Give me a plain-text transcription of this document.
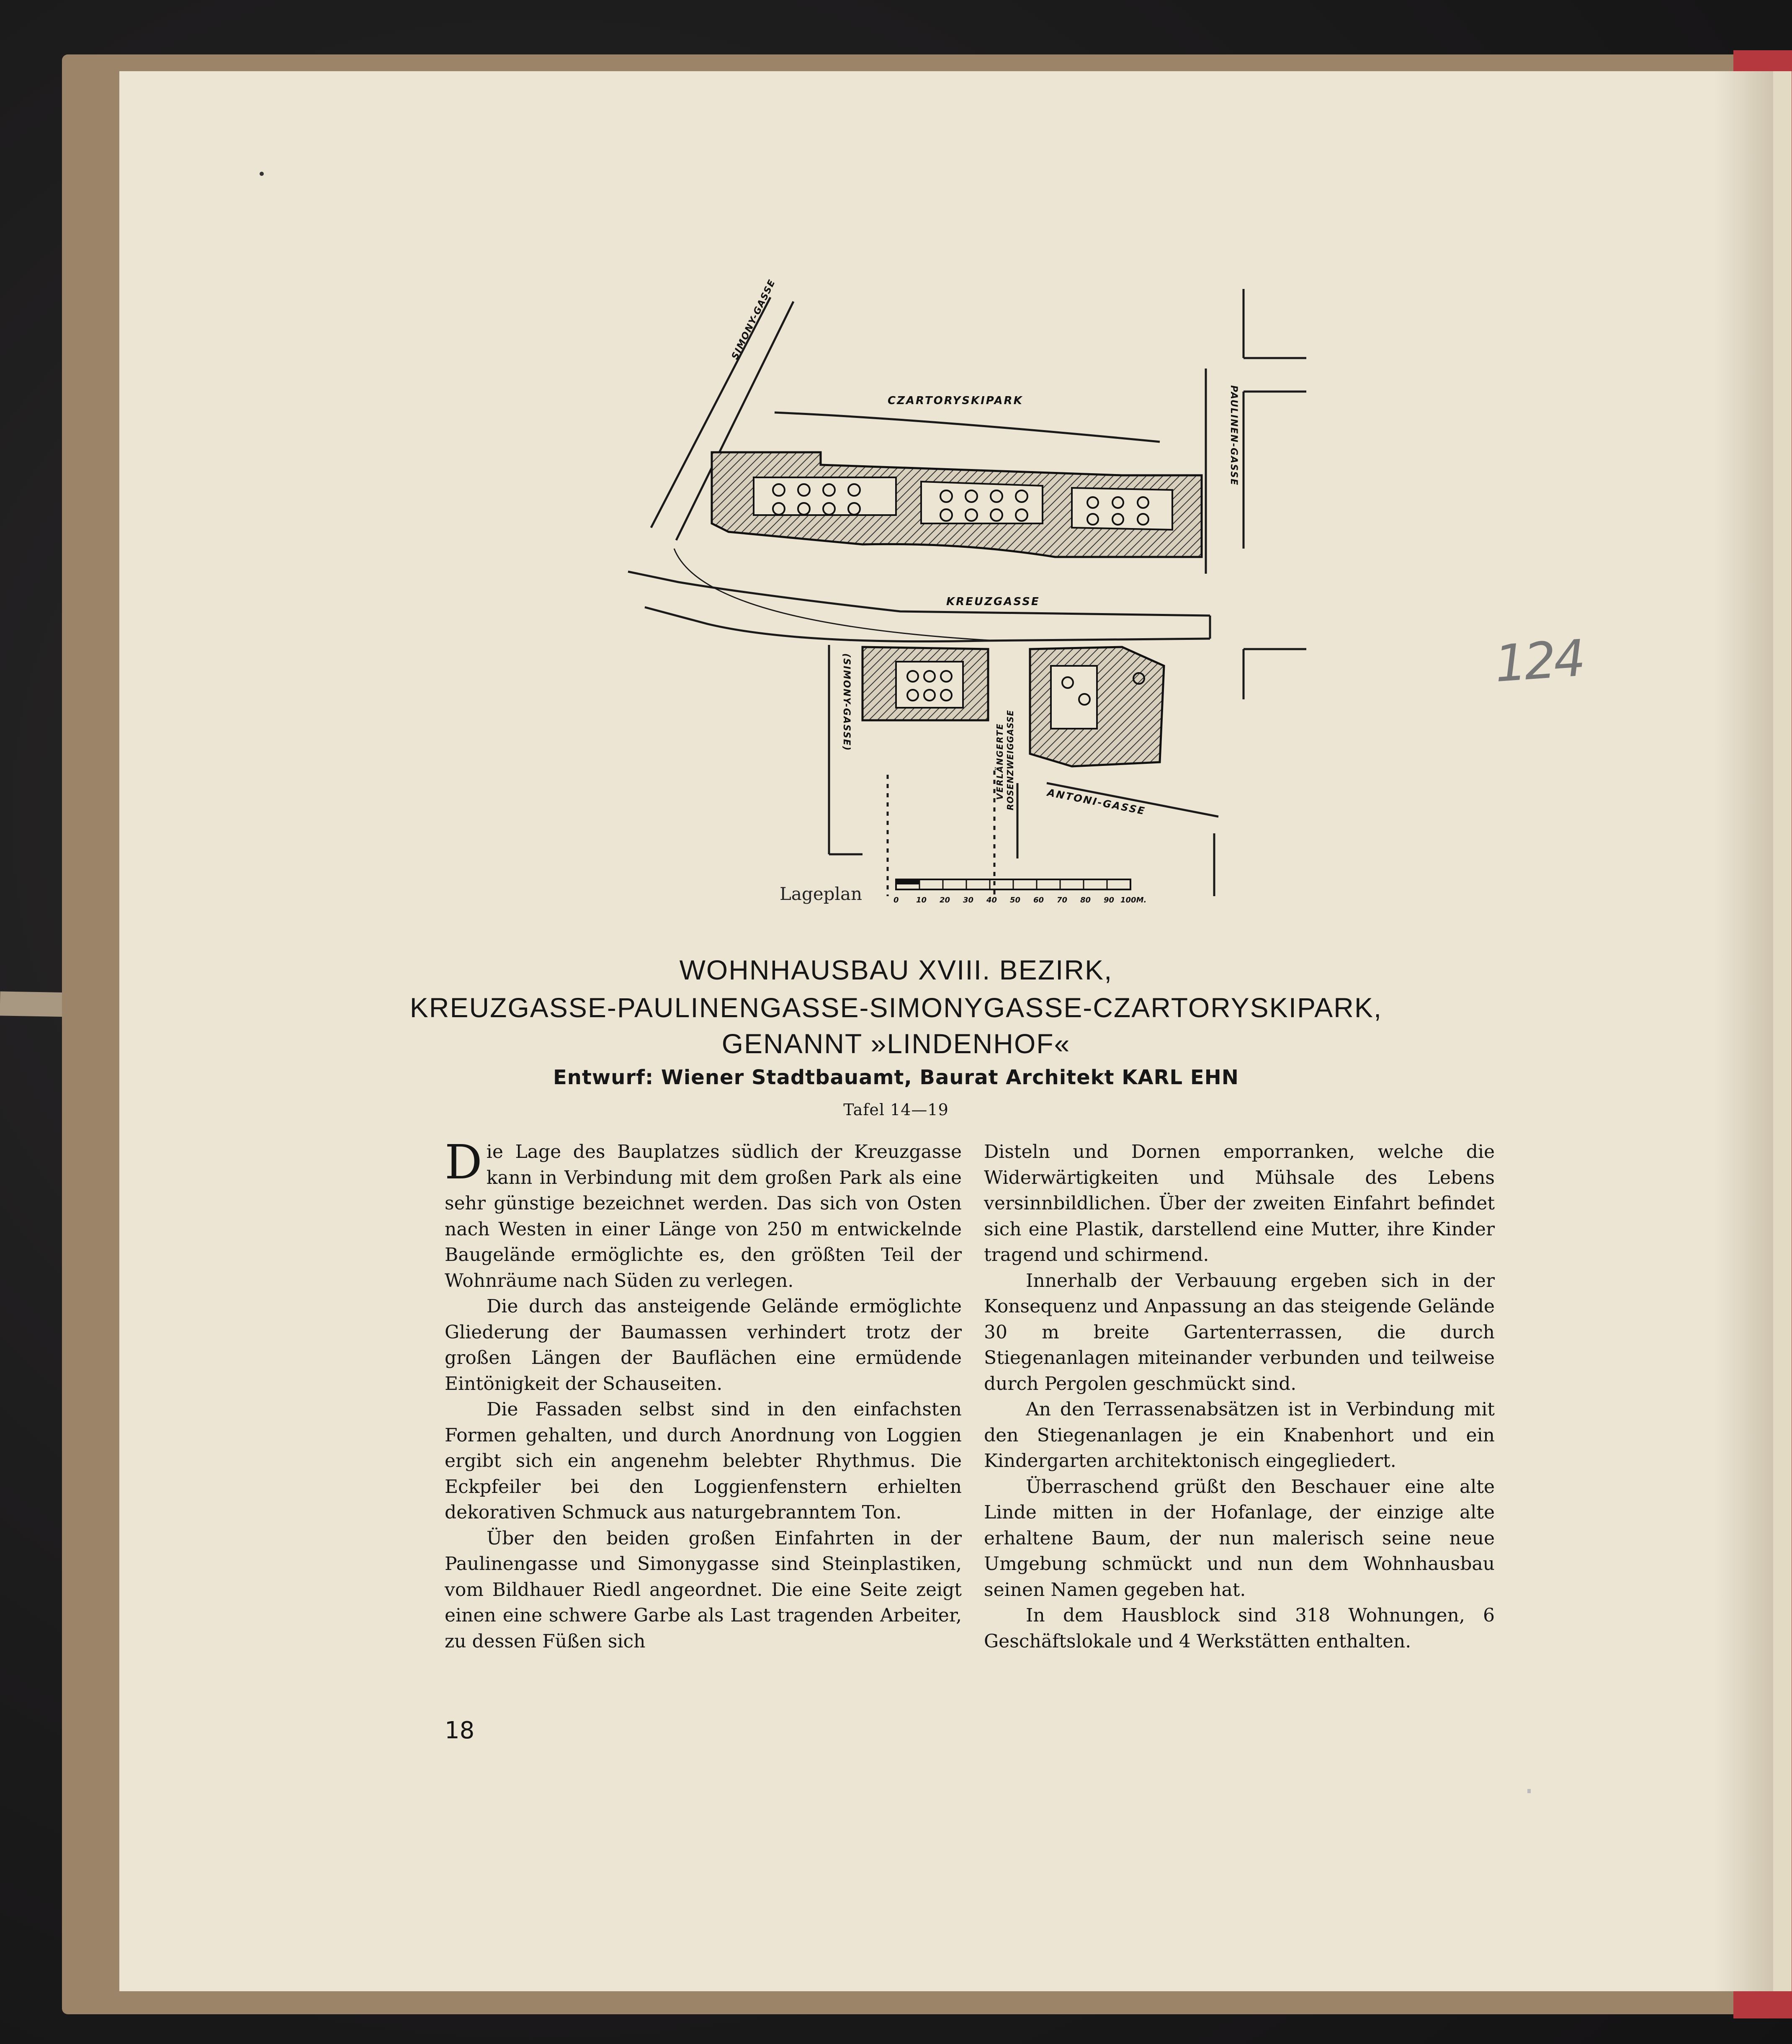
CZARTORYSKIPARK
KREUZGASSE
SIMONY-GASSE
PAULINEN-GASSE
(SIMONY-GASSE)
VERLÄNGERTE ROSENZWEIGGASSE	ANTONI-GASSE
Lageplan	0 10 20 30 40 50 60 70 80 90 100M.
124
WOHNHAUSBAU XVIII. BEZIRK,
KREUZGASSE-PAULINENGASSE-SIMONYGASSE-CZARTORYSKIPARK,
GENANNT »LINDENHOF«
Entwurf: Wiener Stadtbauamt, Baurat Architekt KARL EHN
Tafel 14—19

Die Lage des Bauplatzes südlich der Kreuzgasse kann in Verbindung mit dem großen Park als eine sehr günstige bezeichnet werden. Das sich von Osten nach Westen in einer Länge von 250 m entwickelnde Baugelände ermöglichte es, den größten Teil der Wohnräume nach Süden zu verlegen.

Die durch das ansteigende Gelände ermöglichte Gliederung der Baumassen verhindert trotz der großen Längen der Bauflächen eine ermüdende Eintönigkeit der Schauseiten.

Die Fassaden selbst sind in den einfachsten Formen gehalten, und durch Anordnung von Loggien ergibt sich ein angenehm belebter Rhythmus. Die Eckpfeiler bei den Loggienfenstern erhielten dekorativen Schmuck aus naturgebranntem Ton.

Über den beiden großen Einfahrten in der Paulinengasse und Simonygasse sind Steinplastiken, vom Bildhauer Riedl angeordnet. Die eine Seite zeigt einen eine schwere Garbe als Last tragenden Arbeiter, zu dessen Füßen sich

Disteln und Dornen emporranken, welche die Widerwärtigkeiten und Mühsale des Lebens versinnbildlichen. Über der zweiten Einfahrt befindet sich eine Plastik, darstellend eine Mutter, ihre Kinder tragend und schirmend.

Innerhalb der Verbauung ergeben sich in der Konsequenz und Anpassung an das steigende Gelände 30 m breite Gartenterrassen, die durch Stiegenanlagen miteinander verbunden und teilweise durch Pergolen geschmückt sind.

An den Terrassenabsätzen ist in Verbindung mit den Stiegenanlagen je ein Knabenhort und ein Kindergarten architektonisch eingegliedert.

Überraschend grüßt den Beschauer eine alte Linde mitten in der Hofanlage, der einzige alte erhaltene Baum, der nun malerisch seine neue Umgebung schmückt und nun dem Wohnhausbau seinen Namen gegeben hat.

In dem Hausblock sind 318 Wohnungen, 6 Geschäftslokale und 4 Werkstätten enthalten.

18
